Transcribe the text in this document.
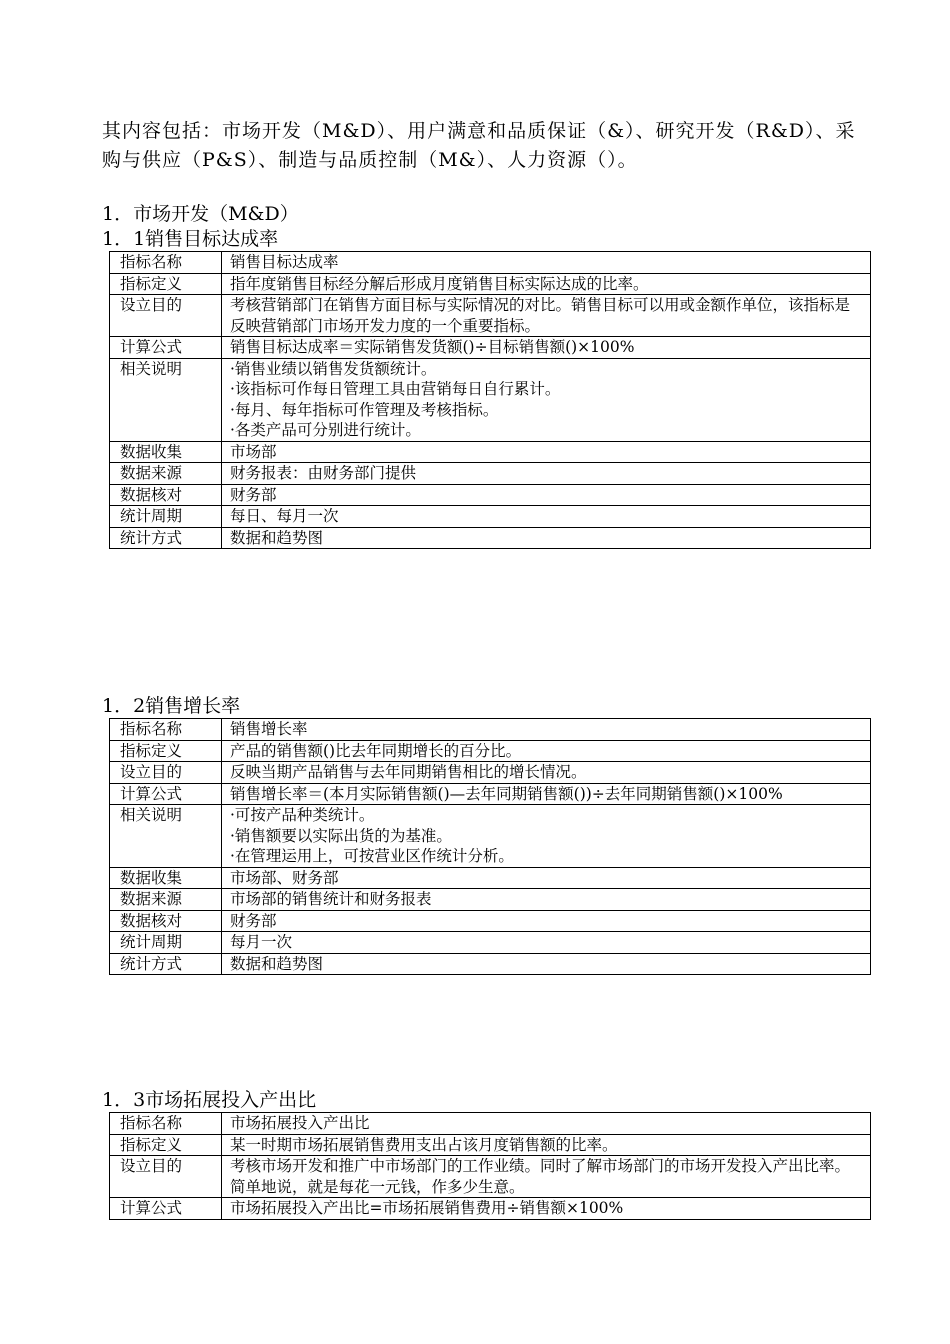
其内容包括：市场开发（M&D）、用户满意和品质保证（&）、研究开发（R&D）、采购与供应（P&S）、制造与品质控制（M&）、人力资源（）。
1．市场开发（M&D）
1．1销售目标达成率
指标名称	销售目标达成率
指标定义	指年度销售目标经分解后形成月度销售目标实际达成的比率。
设立目的	考核营销部门在销售方面目标与实际情况的对比。销售目标可以用或金额作单位，该指标是反映营销部门市场开发力度的一个重要指标。
计算公式	销售目标达成率＝实际销售发货额()÷目标销售额()×100%
相关说明	·销售业绩以销售发货额统计。
·该指标可作每日管理工具由营销每日自行累计。
·每月、每年指标可作管理及考核指标。
·各类产品可分别进行统计。

数据收集	市场部
数据来源	财务报表：由财务部门提供
数据核对	财务部
统计周期	每日、每月一次
统计方式	数据和趋势图
1．2销售增长率
指标名称	销售增长率
指标定义	产品的销售额()比去年同期增长的百分比。
设立目的	反映当期产品销售与去年同期销售相比的增长情况。
计算公式	销售增长率＝(本月实际销售额()—去年同期销售额())÷去年同期销售额()×100%
相关说明	·可按产品种类统计。
·销售额要以实际出货的为基准。
·在管理运用上，可按营业区作统计分析。

数据收集	市场部、财务部
数据来源	市场部的销售统计和财务报表
数据核对	财务部
统计周期	每月一次
统计方式	数据和趋势图
1．3市场拓展投入产出比
指标名称	市场拓展投入产出比
指标定义	某一时期市场拓展销售费用支出占该月度销售额的比率。
设立目的	考核市场开发和推广中市场部门的工作业绩。同时了解市场部门的市场开发投入产出比率。简单地说，就是每花一元钱，作多少生意。
计算公式	市场拓展投入产出比=市场拓展销售费用÷销售额×100%
